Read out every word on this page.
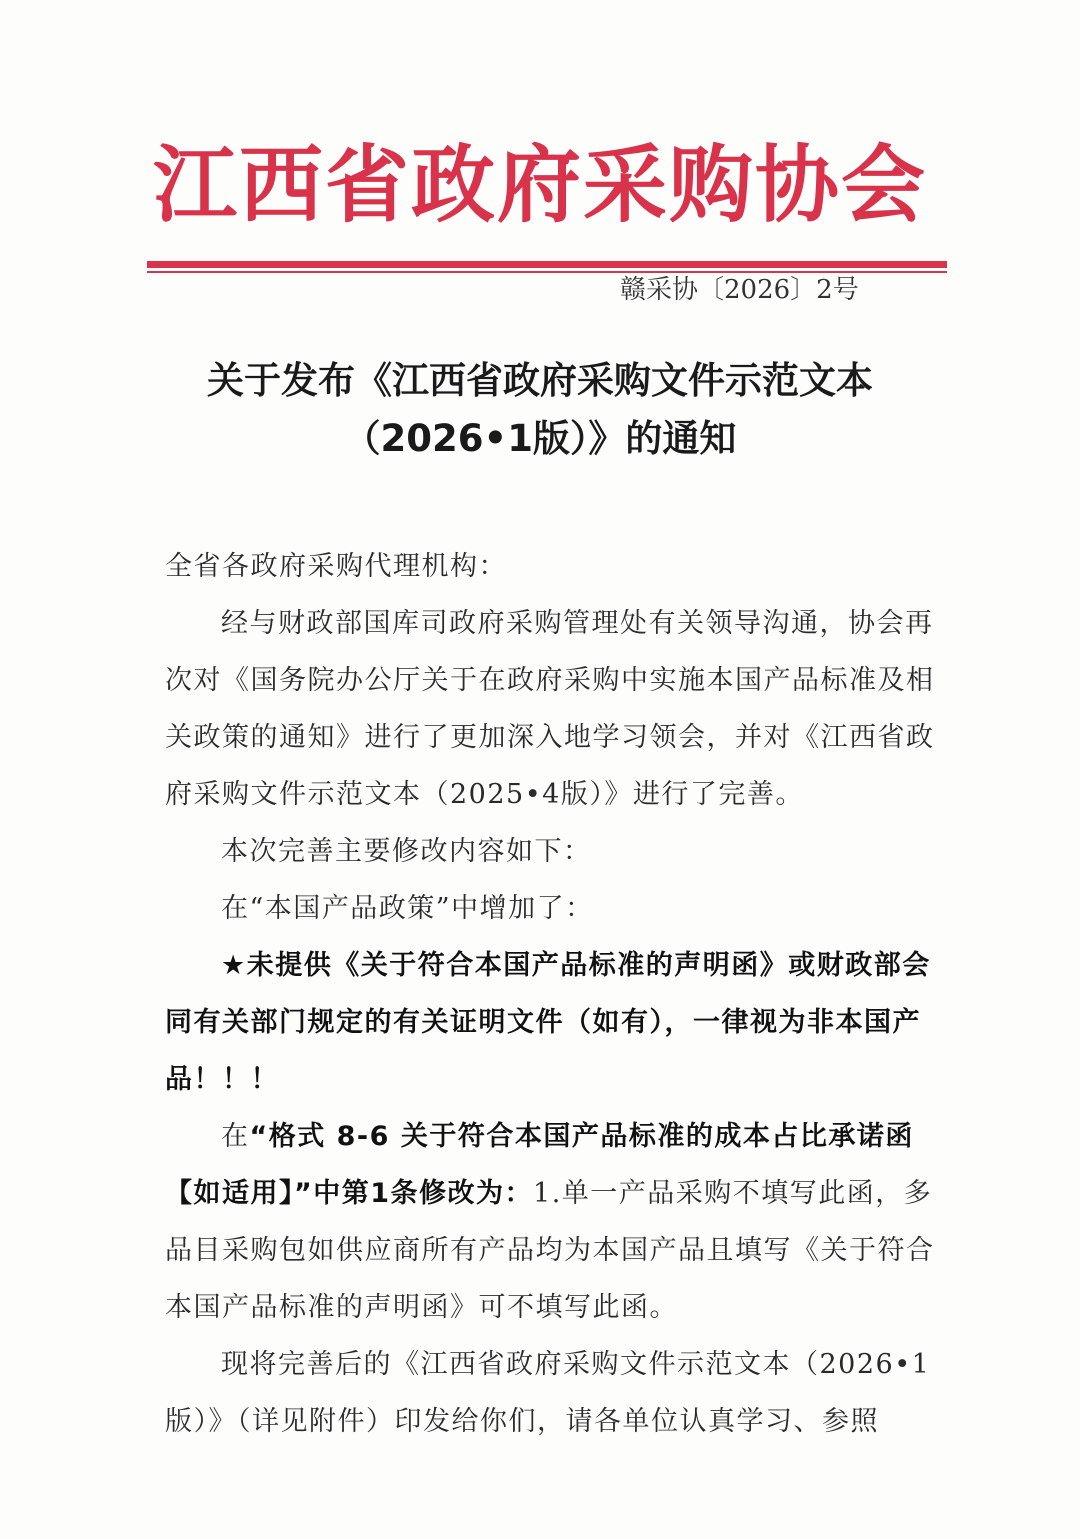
江西省政府采购协会
赣采协〔2026〕2号
关于发布《江西省政府采购文件示范文本
（2026•1版）》的通知

全省各政府采购代理机构：

经与财政部国库司政府采购管理处有关领导沟通，协会再次对《国务院办公厅关于在政府采购中实施本国产品标准及相关政策的通知》进行了更加深入地学习领会，并对《江西省政府采购文件示范文本（2025•4版）》进行了完善。

本次完善主要修改内容如下：

在“本国产品政策”中增加了：

★未提供《关于符合本国产品标准的声明函》或财政部会同有关部门规定的有关证明文件（如有），一律视为非本国产品！！！

在“格式 8-6 关于符合本国产品标准的成本占比承诺函【如适用】”中第1条修改为：1.单一产品采购不填写此函，多品目采购包如供应商所有产品均为本国产品且填写《关于符合本国产品标准的声明函》可不填写此函。

现将完善后的《江西省政府采购文件示范文本（2026•1版）》（详见附件）印发给你们，请各单位认真学习、参照
